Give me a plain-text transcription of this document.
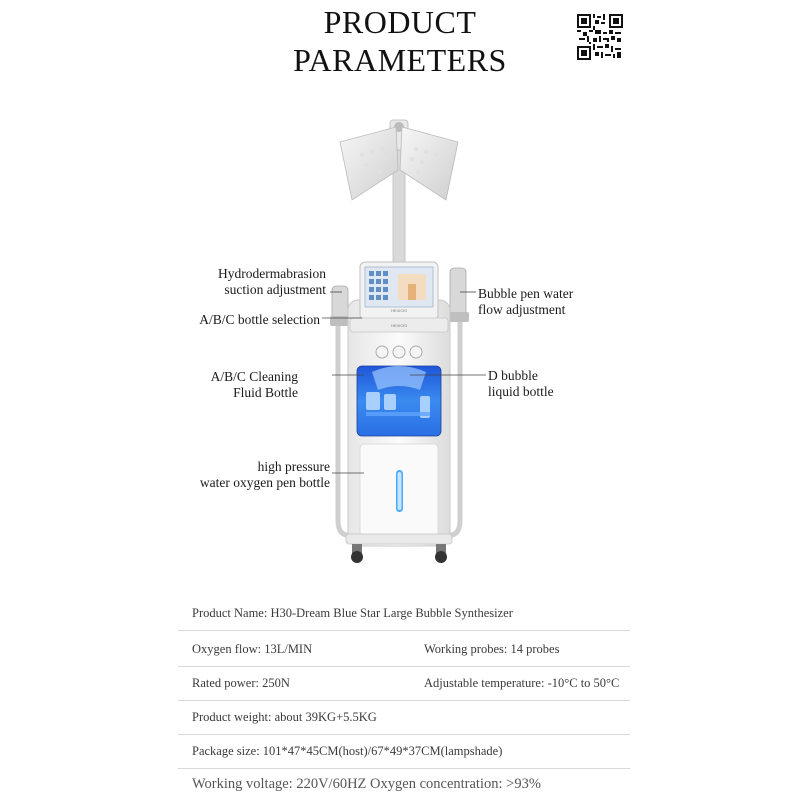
PRODUCT
PARAMETERS
HEXICEI
HEXICEI
Hydrodermabrasion
suction adjustment
A/B/C bottle selection
A/B/C Cleaning
Fluid Bottle
high pressure
water oxygen pen bottle
Bubble pen water
flow adjustment
D bubble
liquid bottle
Product Name: H30-Dream Blue Star Large Bubble Synthesizer
Oxygen flow: 13L/MIN	Working probes: 14 probes
Rated power: 250N	Adjustable temperature: -10°C to 50°C
Product weight: about 39KG+5.5KG
Package size: 101*47*45CM(host)/67*49*37CM(lampshade)
Working voltage: 220V/60HZ Oxygen concentration: >93%
